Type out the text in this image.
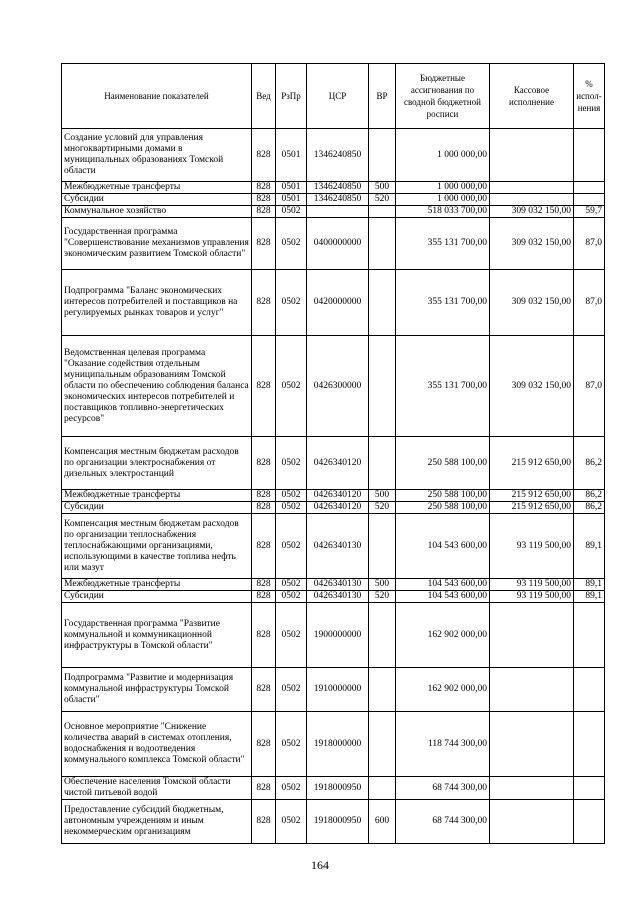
Наименование показателей	Вед	РзПр	ЦСР	ВР	Бюджетные ассигнования по сводной бюджетной росписи	Кассовое исполнение	% испол-нения
Создание условий для управления многоквартирными домами в муниципальных образованиях Томской области	828	0501	1346240850		1 000 000,00		
Межбюджетные трансферты	828	0501	1346240850	500	1 000 000,00		
Субсидии	828	0501	1346240850	520	1 000 000,00		
Коммунальное хозяйство	828	0502			518 033 700,00	309 032 150,00	59,7
Государственная программа "Совершенствование механизмов управления экономическим развитием Томской области"	828	0502	0400000000		355 131 700,00	309 032 150,00	87,0
Подпрограмма "Баланс экономических интересов потребителей и поставщиков на регулируемых рынках товаров и услуг"	828	0502	0420000000		355 131 700,00	309 032 150,00	87,0
Ведомственная целевая программа "Оказание содействия отдельным муниципальным образованиям Томской области по обеспечению соблюдения баланса экономических интересов потребителей и поставщиков топливно-энергетических ресурсов"	828	0502	0426300000		355 131 700,00	309 032 150,00	87,0
Компенсация местным бюджетам расходов по организации электроснабжения от дизельных электростанций	828	0502	0426340120		250 588 100,00	215 912 650,00	86,2
Межбюджетные трансферты	828	0502	0426340120	500	250 588 100,00	215 912 650,00	86,2
Субсидии	828	0502	0426340120	520	250 588 100,00	215 912 650,00	86,2
Компенсация местным бюджетам расходов по организации теплоснабжения теплоснабжающими организациями, использующими в качестве топлива нефть или мазут	828	0502	0426340130		104 543 600,00	93 119 500,00	89,1
Межбюджетные трансферты	828	0502	0426340130	500	104 543 600,00	93 119 500,00	89,1
Субсидии	828	0502	0426340130	520	104 543 600,00	93 119 500,00	89,1
Государственная программа "Развитие коммунальной и коммуникационной инфраструктуры в Томской области"	828	0502	1900000000		162 902 000,00		
Подпрограмма "Развитие и модернизация коммунальной инфраструктуры Томской области"	828	0502	1910000000		162 902 000,00		
Основное мероприятие "Снижение количества аварий в системах отопления, водоснабжения и водоотведения коммунального комплекса Томской области"	828	0502	1918000000		118 744 300,00		
Обеспечение населения Томской области чистой питьевой водой	828	0502	1918000950		68 744 300,00		
Предоставление субсидий бюджетным, автономным учреждениям и иным некоммерческим организациям	828	0502	1918000950	600	68 744 300,00		
164
